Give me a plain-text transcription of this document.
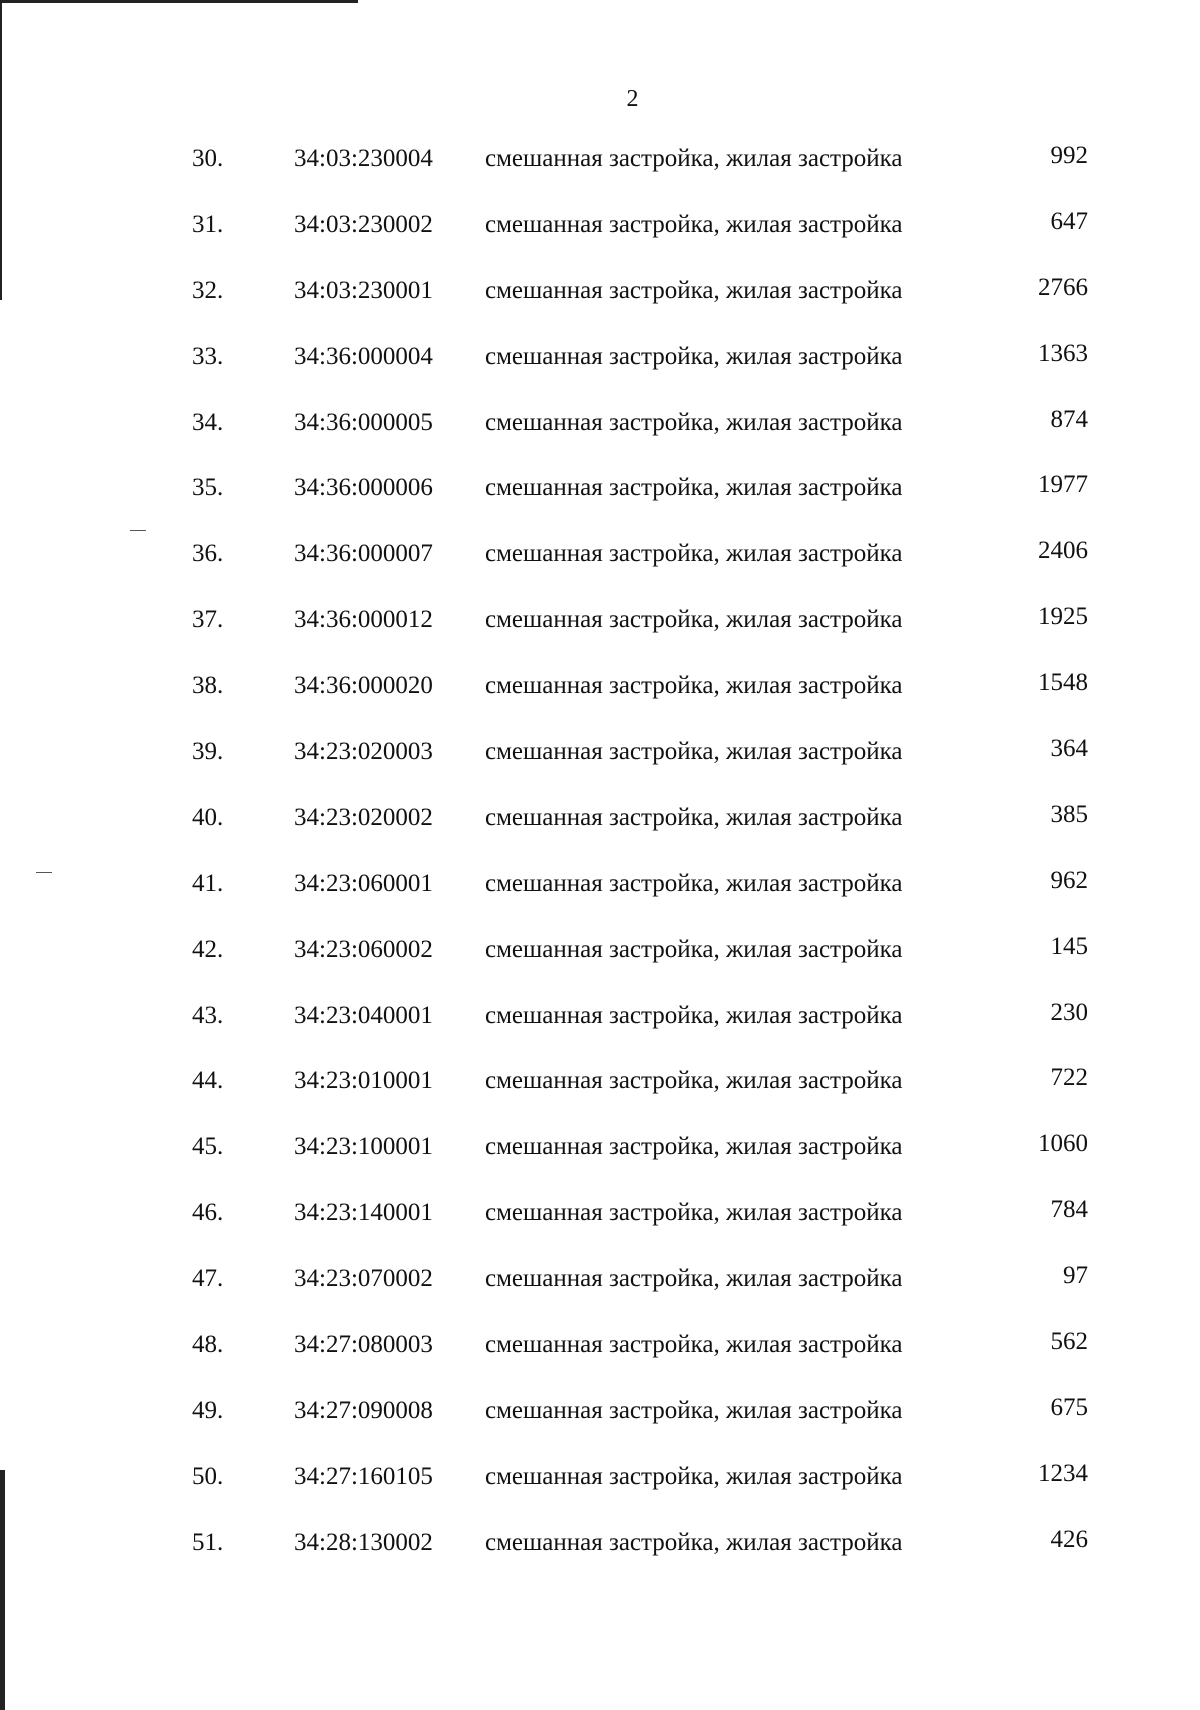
2
30.	34:03:230004 смешанная застройка, жилая застройка	992
31.	34:03:230002 смешанная застройка, жилая застройка	647
32.	34:03:230001 смешанная застройка, жилая застройка	2766
33.	34:36:000004 смешанная застройка, жилая застройка	1363
34.	34:36:000005 смешанная застройка, жилая застройка	874
35.	34:36:000006 смешанная застройка, жилая застройка	1977
36.	34:36:000007 смешанная застройка, жилая застройка	2406
37.	34:36:000012 смешанная застройка, жилая застройка	1925
38.	34:36:000020 смешанная застройка, жилая застройка	1548
39.	34:23:020003 смешанная застройка, жилая застройка	364
40.	34:23:020002 смешанная застройка, жилая застройка	385
41.	34:23:060001 смешанная застройка, жилая застройка	962
42.	34:23:060002 смешанная застройка, жилая застройка	145
43.	34:23:040001 смешанная застройка, жилая застройка	230
44.	34:23:010001 смешанная застройка, жилая застройка	722
45.	34:23:100001 смешанная застройка, жилая застройка	1060
46.	34:23:140001 смешанная застройка, жилая застройка	784
47.	34:23:070002 смешанная застройка, жилая застройка	97
48.	34:27:080003 смешанная застройка, жилая застройка	562
49.	34:27:090008 смешанная застройка, жилая застройка	675
50.	34:27:160105 смешанная застройка, жилая застройка	1234
51.	34:28:130002 смешанная застройка, жилая застройка	426
